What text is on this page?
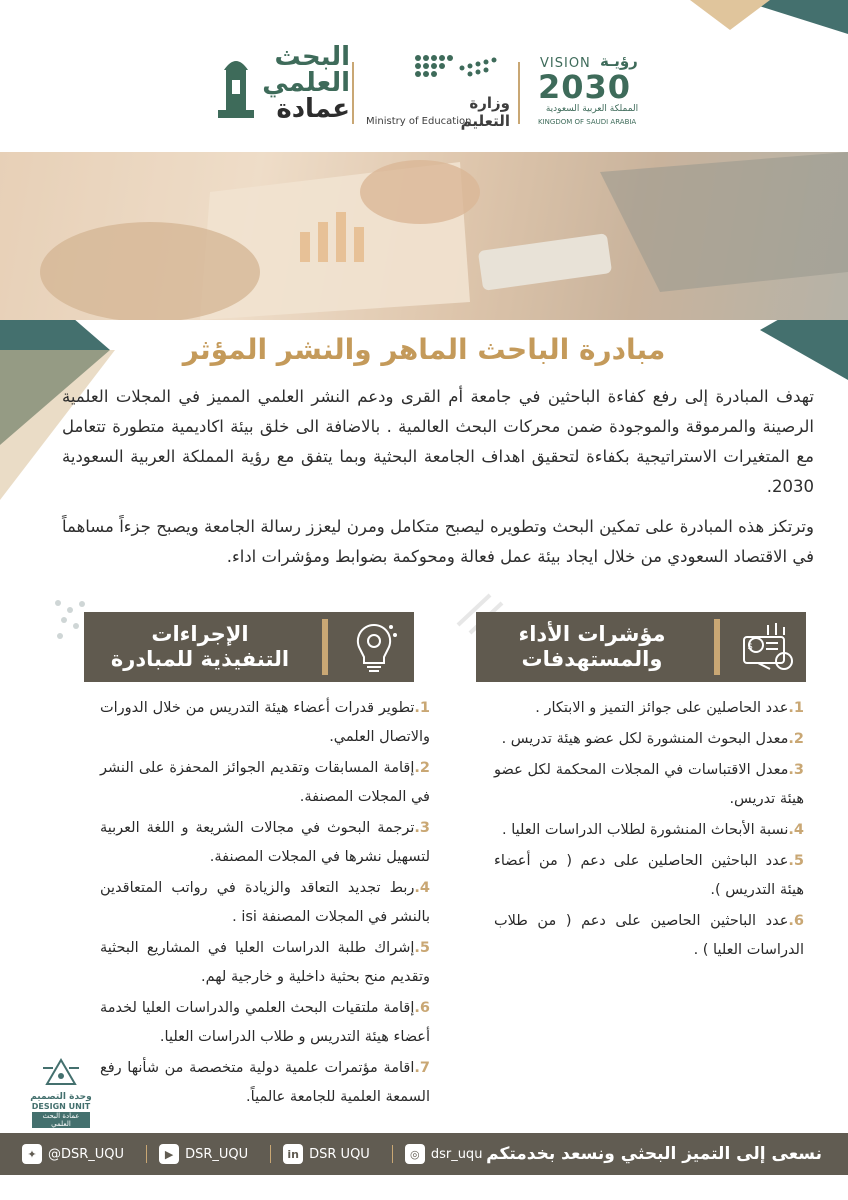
البحث
العلمي
عمادة	وزارة التعليم
Ministry of Education
VISION رؤيـة
2030
المملكة العربية السعودية
KINGDOM OF SAUDI ARABIA
مبادرة الباحث الماهر والنشر المؤثر

تهدف المبادرة إلى رفع كفاءة الباحثين في جامعة أم القرى ودعم النشر العلمي المميز في المجلات العلمية الرصينة والمرموقة والموجودة ضمن محركات البحث العالمية . بالاضافة الى خلق بيئة اكاديمية متطورة تتعامل مع المتغيرات الاستراتيجية بكفاءة لتحقيق اهداف الجامعة البحثية وبما يتفق مع رؤية المملكة العربية السعودية 2030.

وترتكز هذه المبادرة على تمكين البحث وتطويره ليصبح متكامل ومرن ليعزز رسالة الجامعة ويصبح جزءاً مساهماً في الاقتصاد السعودي من خلال ايجاد بيئة عمل فعالة ومحوكمة بضوابط ومؤشرات اداء.

$
مؤشرات الأداء
والمستهدفات
الإجراءات
التنفيذية للمبادرة
1.عدد الحاصلين على جوائز التميز و الابتكار .
2.معدل البحوث المنشورة لكل عضو هيئة تدريس .
3.معدل الاقتباسات في المجلات المحكمة لكل عضو هيئة تدريس.
4.نسبة الأبحاث المنشورة لطلاب الدراسات العليا .
5.عدد الباحثين الحاصلين على دعم ( من أعضاء هيئة التدريس ).
6.عدد الباحثين الحاصين على دعم ( من طلاب الدراسات العليا ) .
1.تطوير قدرات أعضاء هيئة التدريس من خلال الدورات والاتصال العلمي.
2.إقامة المسابقات وتقديم الجوائز المحفزة على النشر في المجلات المصنفة.
3.ترجمة البحوث في مجالات الشريعة و اللغة العربية لتسهيل نشرها في المجلات المصنفة.
4.ربط تجديد التعاقد والزيادة في رواتب المتعاقدين بالنشر في المجلات المصنفة isi .
5.إشراك طلبة الدراسات العليا في المشاريع البحثية وتقديم منح بحثية داخلية و خارجية لهم.
6.إقامة ملتقيات البحث العلمي والدراسات العليا لخدمة أعضاء هيئة التدريس و طلاب الدراسات العليا.
7.اقامة مؤتمرات علمية دولية متخصصة من شأنها رفع السمعة العلمية للجامعة عالمياً.
وحدة التصميم
DESIGN UNIT
عمادة البحث العلمي
✦ @DSR_UQU	▶ DSR_UQU	in DSR UQU	◎ dsr_uqu نسعى إلى التميز البحثي ونسعد بخدمتكم
